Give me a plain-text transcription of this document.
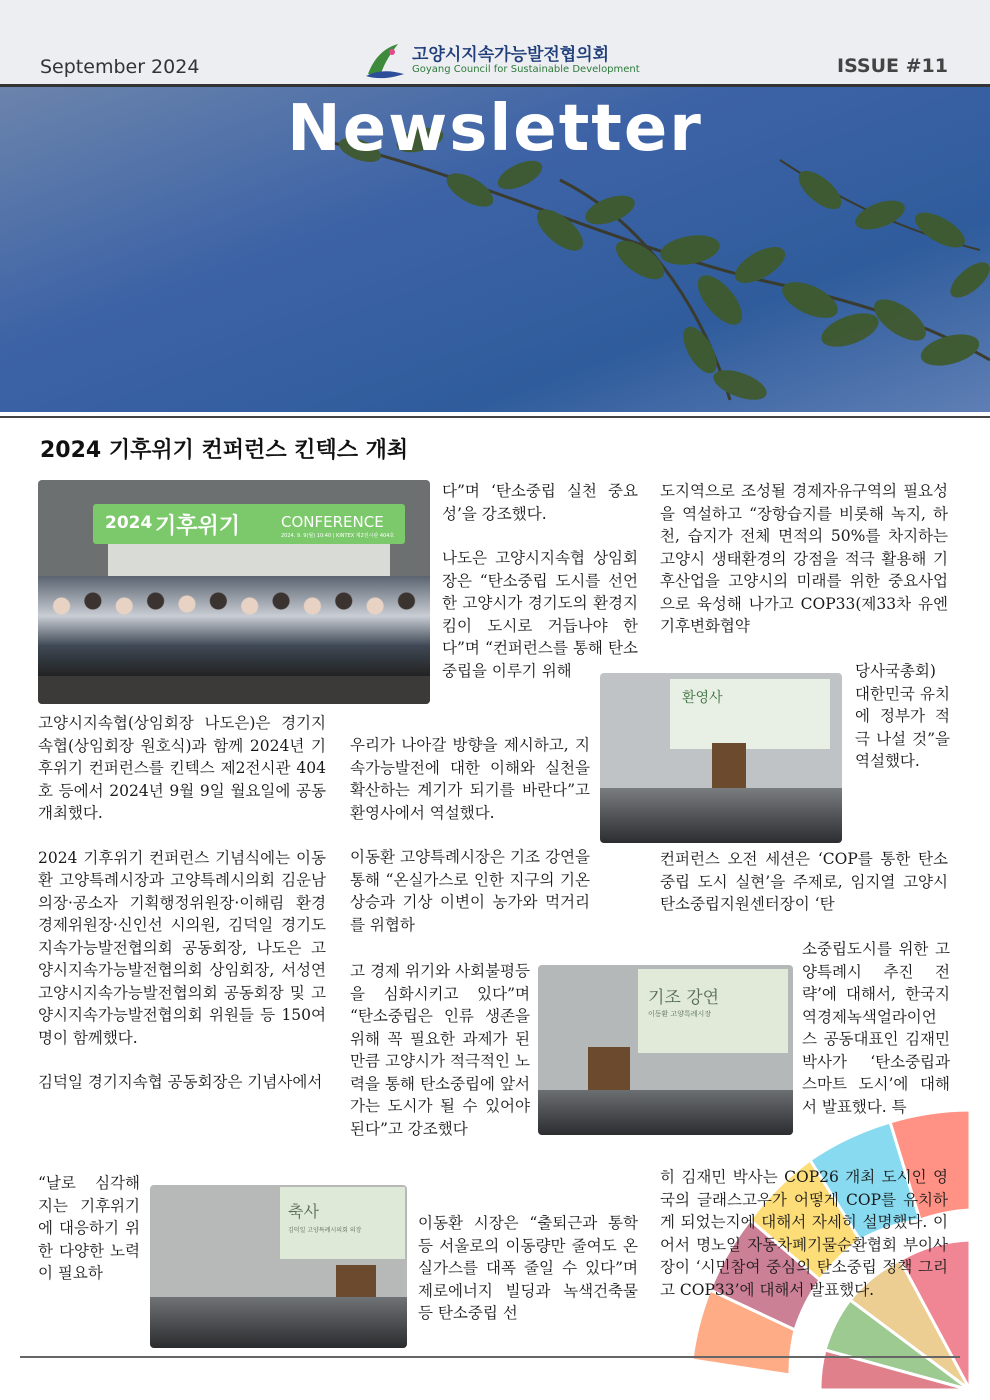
September 2024	ISSUE #11
고양시지속가능발전협의회
Goyang Council for Sustainable Development
Newsletter
2024 기후위기 컨퍼런스 킨텍스 개최
2024 기후위기	CONFERENCE
2024. 9. 9(월) 10:40 | KINTEX 제2전시관 404호
환영사
기조 강연
이동환 고양특례시장
축사
김덕일 고양특례시의회 의장

고양시지속협(상임회장 나도은)은 경기지속협(상임회장 원호식)과 함께 2024년 기후위기 컨퍼런스를 킨텍스 제2전시관 404호 등에서 2024년 9월 9일 월요일에 공동 개최했다.

2024 기후위기 컨퍼런스 기념식에는 이동환 고양특례시장과 고양특례시의회 김운남 의장·공소자 기획행정위원장·이해림 환경경제위원장·신인선 시의원, 김덕일 경기도지속가능발전협의회 공동회장, 나도은 고양시지속가능발전협의회 상임회장, 서성연 고양시지속가능발전협의회 공동회장 및 고양시지속가능발전협의회 위원들 등 150여 명이 함께했다.

김덕일 경기지속협 공동회장은 기념사에서

“날로 심각해지는 기후위기에 대응하기 위한 다양한 노력이 필요하

다”며 ‘탄소중립 실천 중요성’을 강조했다.

나도은 고양시지속협 상임회장은 “탄소중립 도시를 선언한 고양시가 경기도의 환경지킴이 도시로 거듭나야 한다”며 “컨퍼런스를 통해 탄소중립을 이루기 위해

우리가 나아갈 방향을 제시하고, 지속가능발전에 대한 이해와 실천을 확산하는 계기가 되기를 바란다”고 환영사에서 역설했다.

이동환 고양특례시장은 기조 강연을 통해 “온실가스로 인한 지구의 기온 상승과 기상 이변이 농가와 먹거리를 위협하

고 경제 위기와 사회불평등을 심화시키고 있다”며 “탄소중립은 인류 생존을 위해 꼭 필요한 과제가 된 만큼 고양시가 적극적인 노력을 통해 탄소중립에 앞서가는 도시가 될 수 있어야 된다”고 강조했다

이동환 시장은 “출퇴근과 통학 등 서울로의 이동량만 줄여도 온실가스를 대폭 줄일 수 있다”며 제로에너지 빌딩과 녹색건축물 등 탄소중립 선

도지역으로 조성될 경제자유구역의 필요성을 역설하고 “장항습지를 비롯해 녹지, 하천, 습지가 전체 면적의 50%를 차지하는 고양시 생태환경의 강점을 적극 활용해 기후산업을 고양시의 미래를 위한 중요사업으로 육성해 나가고 COP33(제33차 유엔기후변화협약

당사국총회) 대한민국 유치에 정부가 적극 나설 것”을 역설했다.

컨퍼런스 오전 세션은 ‘COP를 통한 탄소중립 도시 실현’을 주제로, 임지열 고양시탄소중립지원센터장이 ‘탄

소중립도시를 위한 고양특례시 추진 전략’에 대해서, 한국지역경제녹색얼라이언스 공동대표인 김재민 박사가 ‘탄소중립과 스마트 도시’에 대해서 발표했다. 특

히 김재민 박사는 COP26 개최 도시인 영국의 글래스고우가 어떻게 COP를 유치하게 되었는지에 대해서 자세히 설명했다. 이어서 명노일 자동차폐기물순환협회 부이사장이 ‘시민참여 중심의 탄소중립 정책 그리고 COP33’에 대해서 발표했다.
